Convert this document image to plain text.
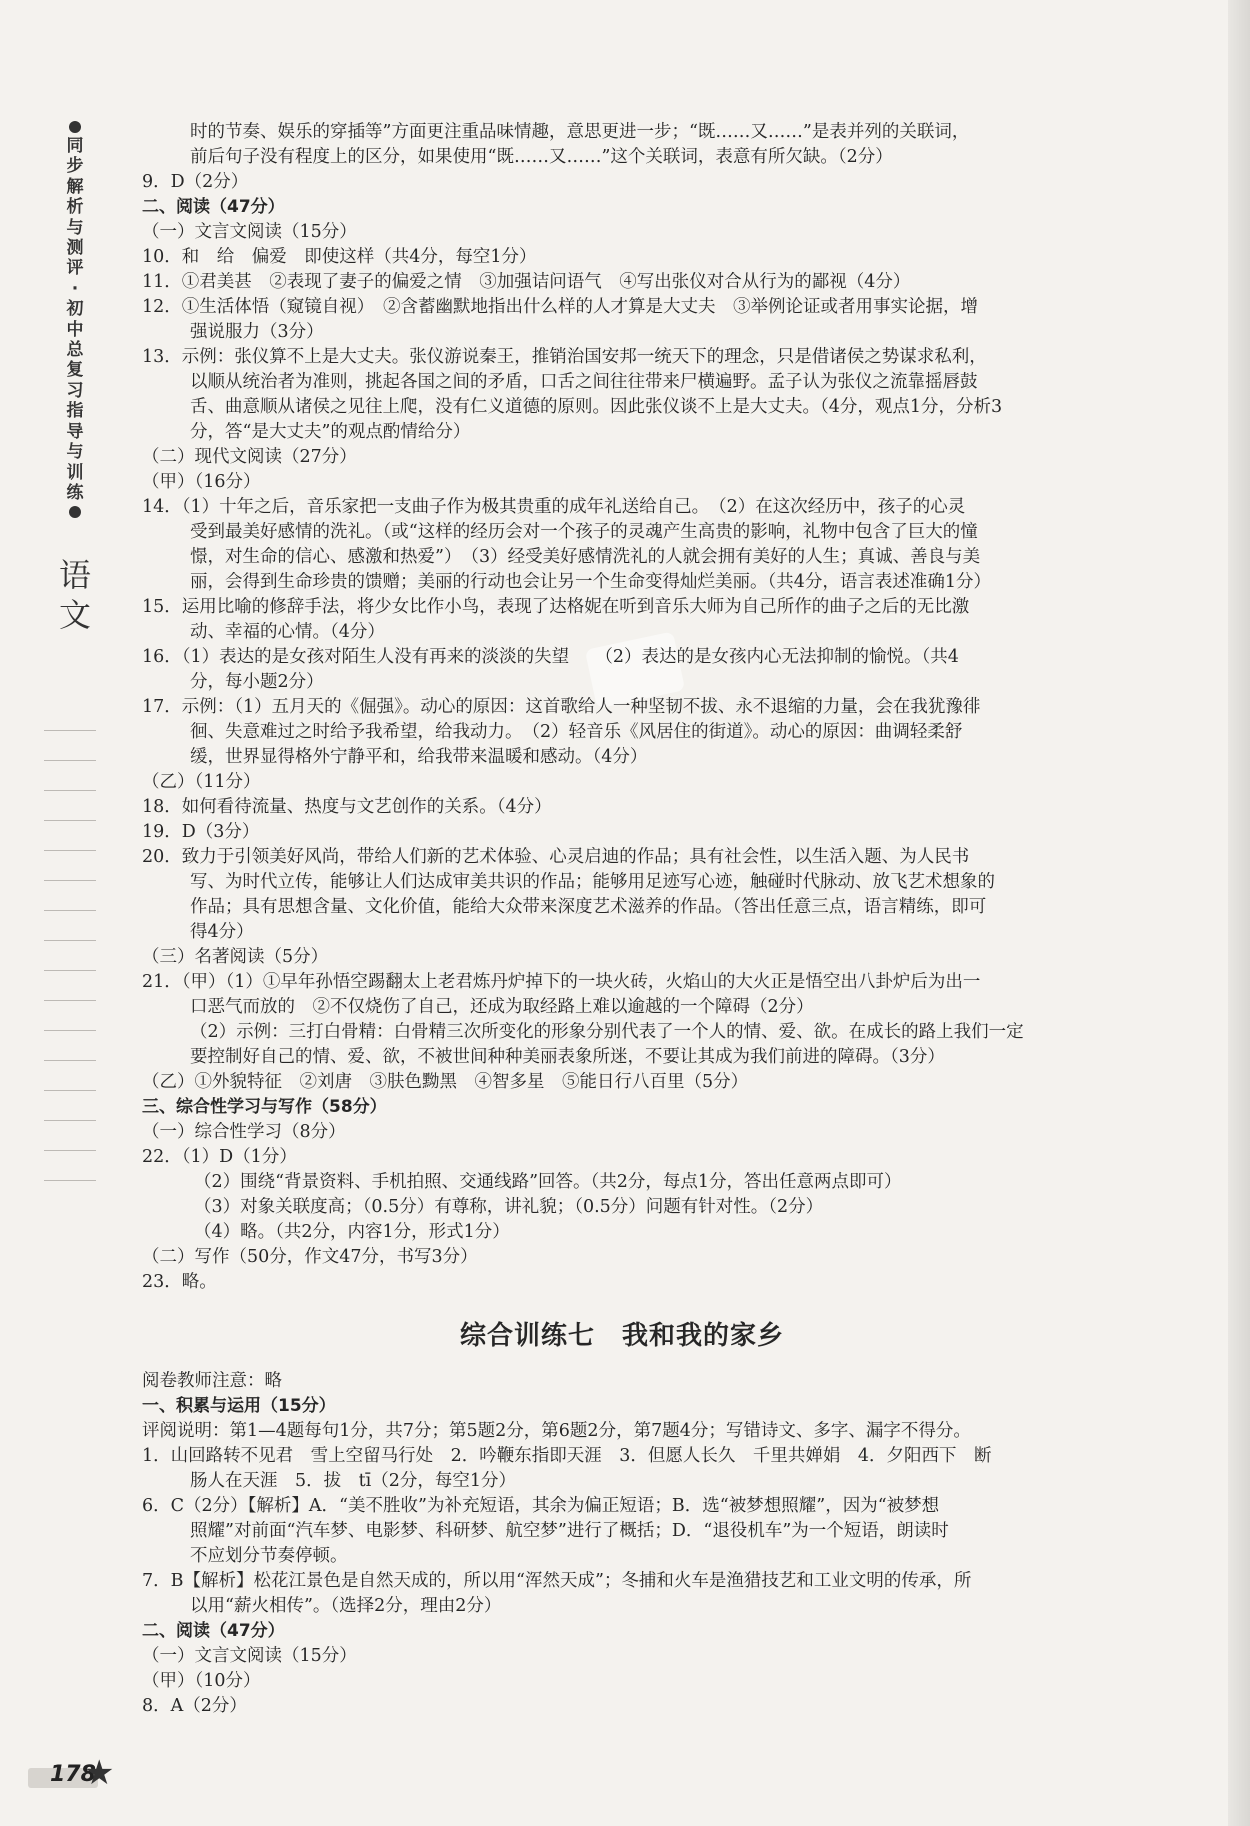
同
步
解
析
与
测
评
·
初
中
总
复
习
指
导
与
训
练
语文
时的节奏、娱乐的穿插等”方面更注重品味情趣，意思更进一步；“既……又……”是表并列的关联词，
前后句子没有程度上的区分，如果使用“既……又……”这个关联词，表意有所欠缺。（2分）
9．D（2分）
二、阅读（47分）
（一）文言文阅读（15分）
10．和　给　偏爱　即使这样（共4分，每空1分）
11．①君美甚　②表现了妻子的偏爱之情　③加强诘问语气　④写出张仪对合从行为的鄙视（4分）
12．①生活体悟（窥镜自视）　②含蓄幽默地指出什么样的人才算是大丈夫　③举例论证或者用事实论据，增
强说服力（3分）
13．示例：张仪算不上是大丈夫。张仪游说秦王，推销治国安邦一统天下的理念，只是借诸侯之势谋求私利，
以顺从统治者为准则，挑起各国之间的矛盾，口舌之间往往带来尸横遍野。孟子认为张仪之流靠摇唇鼓
舌、曲意顺从诸侯之见往上爬，没有仁义道德的原则。因此张仪谈不上是大丈夫。（4分，观点1分，分析3
分，答“是大丈夫”的观点酌情给分）
（二）现代文阅读（27分）
（甲）（16分）
14．（1）十年之后，音乐家把一支曲子作为极其贵重的成年礼送给自己。　（2）在这次经历中，孩子的心灵
受到最美好感情的洗礼。（或“这样的经历会对一个孩子的灵魂产生高贵的影响，礼物中包含了巨大的憧
憬，对生命的信心、感激和热爱”）　（3）经受美好感情洗礼的人就会拥有美好的人生；真诚、善良与美
丽，会得到生命珍贵的馈赠；美丽的行动也会让另一个生命变得灿烂美丽。（共4分，语言表述准确1分）
15．运用比喻的修辞手法，将少女比作小鸟，表现了达格妮在听到音乐大师为自己所作的曲子之后的无比激
动、幸福的心情。（4分）
16．（1）表达的是女孩对陌生人没有再来的淡淡的失望　　（2）表达的是女孩内心无法抑制的愉悦。（共4
分，每小题2分）
17．示例：（1）五月天的《倔强》。动心的原因：这首歌给人一种坚韧不拔、永不退缩的力量，会在我犹豫徘
徊、失意难过之时给予我希望，给我动力。　（2）轻音乐《风居住的街道》。动心的原因：曲调轻柔舒
缓，世界显得格外宁静平和，给我带来温暖和感动。（4分）
（乙）（11分）
18．如何看待流量、热度与文艺创作的关系。（4分）
19．D（3分）
20．致力于引领美好风尚，带给人们新的艺术体验、心灵启迪的作品；具有社会性，以生活入题、为人民书
写、为时代立传，能够让人们达成审美共识的作品；能够用足迹写心迹，触碰时代脉动、放飞艺术想象的
作品；具有思想含量、文化价值，能给大众带来深度艺术滋养的作品。（答出任意三点，语言精练，即可
得4分）
（三）名著阅读（5分）
21．（甲）（1）①早年孙悟空踢翻太上老君炼丹炉掉下的一块火砖，火焰山的大火正是悟空出八卦炉后为出一
口恶气而放的　②不仅烧伤了自己，还成为取经路上难以逾越的一个障碍（2分）
（2）示例：三打白骨精：白骨精三次所变化的形象分别代表了一个人的情、爱、欲。在成长的路上我们一定
要控制好自己的情、爱、欲，不被世间种种美丽表象所迷，不要让其成为我们前进的障碍。（3分）
（乙）①外貌特征　②刘唐　③肤色黝黑　④智多星　⑤能日行八百里（5分）
三、综合性学习与写作（58分）
（一）综合性学习（8分）
22．（1）D（1分）
（2）围绕“背景资料、手机拍照、交通线路”回答。（共2分，每点1分，答出任意两点即可）
（3）对象关联度高；（0.5分）有尊称，讲礼貌；（0.5分）问题有针对性。（2分）
（4）略。（共2分，内容1分，形式1分）
（二）写作（50分，作文47分，书写3分）
23．略。
综合训练七　我和我的家乡
阅卷教师注意：略
一、积累与运用（15分）
评阅说明：第1—4题每句1分，共7分；第5题2分，第6题2分，第7题4分；写错诗文、多字、漏字不得分。
1．山回路转不见君　雪上空留马行处　2．吟鞭东指即天涯　3．但愿人长久　千里共婵娟　4．夕阳西下　断
肠人在天涯　5．拔　tī（2分，每空1分）
6．C（2分）【解析】A．“美不胜收”为补充短语，其余为偏正短语；B．选“被梦想照耀”，因为“被梦想
照耀”对前面“汽车梦、电影梦、科研梦、航空梦”进行了概括；D．“退役机车”为一个短语，朗读时
不应划分节奏停顿。
7．B【解析】松花江景色是自然天成的，所以用“浑然天成”；冬捕和火车是渔猎技艺和工业文明的传承，所
以用“薪火相传”。（选择2分，理由2分）
二、阅读（47分）
（一）文言文阅读（15分）
（甲）（10分）
8．A（2分）
178
★
